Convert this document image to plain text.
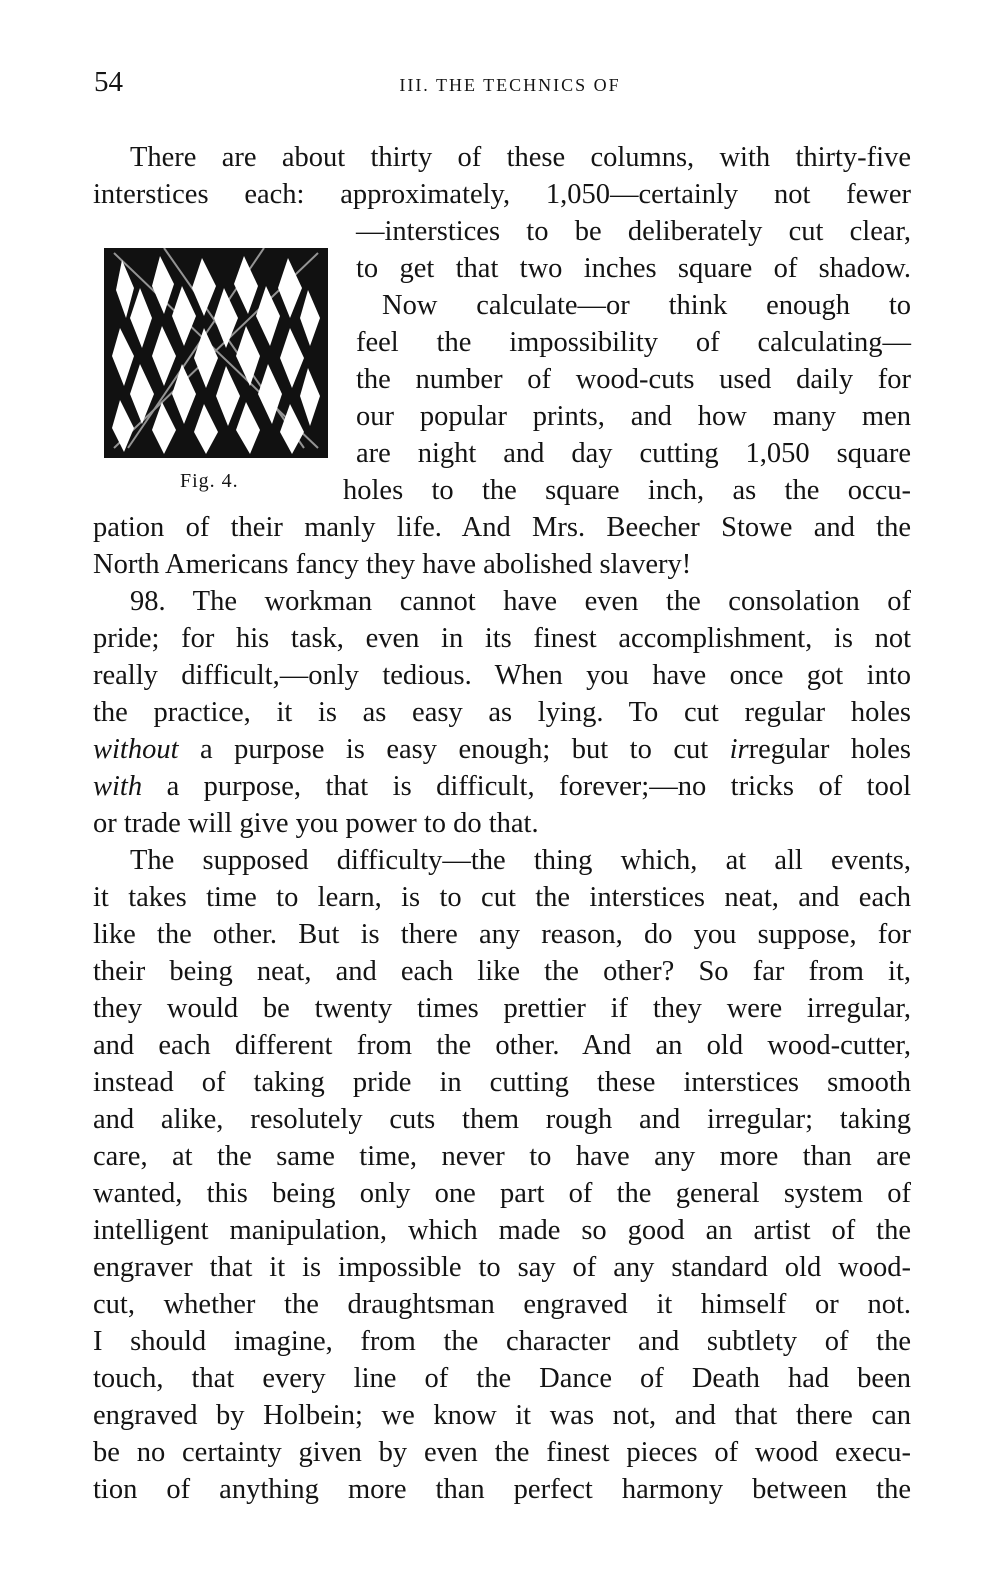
54	III. THE TECHNICS OF
Fig. 4.
There are about thirty of these columns, with thirty-five
interstices each: approximately, 1,050—certainly not fewer
—interstices to be deliberately cut clear,
to get that two inches square of shadow.
Now calculate—or think enough to
feel the impossibility of calculating—
the number of wood-cuts used daily for
our popular prints, and how many men
are night and day cutting 1,050 square
holes to the square inch, as the occu-
pation of their manly life. And Mrs. Beecher Stowe and the
North Americans fancy they have abolished slavery!
98. The workman cannot have even the consolation of
pride; for his task, even in its finest accomplishment, is not
really difficult,—only tedious. When you have once got into
the practice, it is as easy as lying. To cut regular holes
without a purpose is easy enough; but to cut irregular holes
with a purpose, that is difficult, forever;—no tricks of tool
or trade will give you power to do that.
The supposed difficulty—the thing which, at all events,
it takes time to learn, is to cut the interstices neat, and each
like the other. But is there any reason, do you suppose, for
their being neat, and each like the other? So far from it,
they would be twenty times prettier if they were irregular,
and each different from the other. And an old wood-cutter,
instead of taking pride in cutting these interstices smooth
and alike, resolutely cuts them rough and irregular; taking
care, at the same time, never to have any more than are
wanted, this being only one part of the general system of
intelligent manipulation, which made so good an artist of the
engraver that it is impossible to say of any standard old wood-
cut, whether the draughtsman engraved it himself or not.
I should imagine, from the character and subtlety of the
touch, that every line of the Dance of Death had been
engraved by Holbein; we know it was not, and that there can
be no certainty given by even the finest pieces of wood execu-
tion of anything more than perfect harmony between the
